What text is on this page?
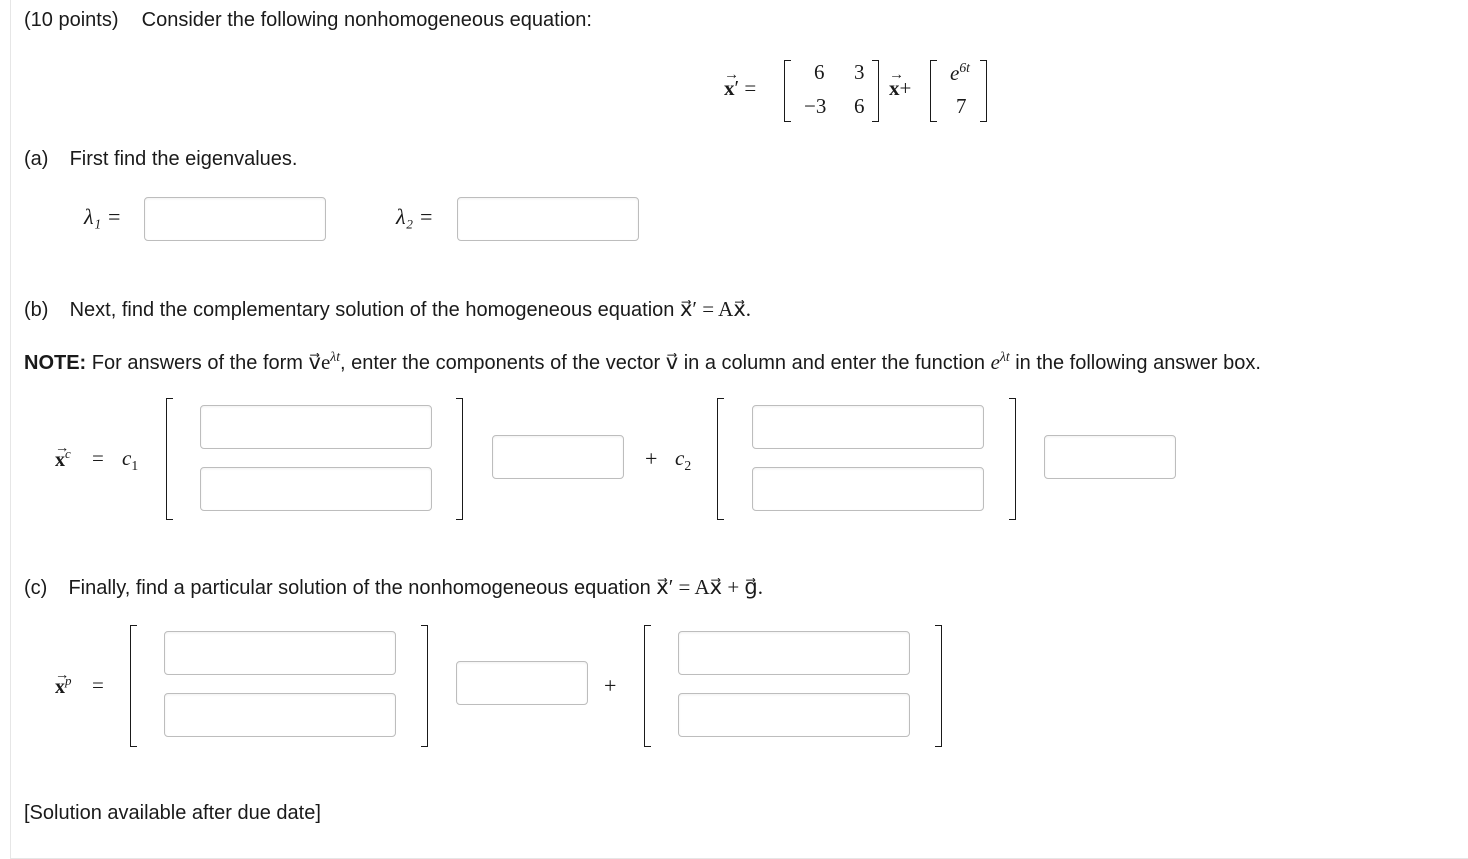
(10 points) Consider the following nonhomogeneous equation:
→ x′ =
6 3
−3 6
→ x+
$e^{6t}$
7
(a) First find the eigenvalues.
λ₁ =	λ₂ =
(b) Next, find the complementary solution of the homogeneous equation x⃗′ = Ax⃗.
NOTE: For answers of the form $v⃗e^{\lambda t}$, enter the components of the vector v⃗ in a column and enter the function $e^{\lambda t}$ in the following answer box.
→ $x^c = c_1$	+ $c_2$
(c) Finally, find a particular solution of the nonhomogeneous equation x⃗′ = Ax⃗ + g⃗.
→ $x^p$ =	+
[Solution available after due date]
